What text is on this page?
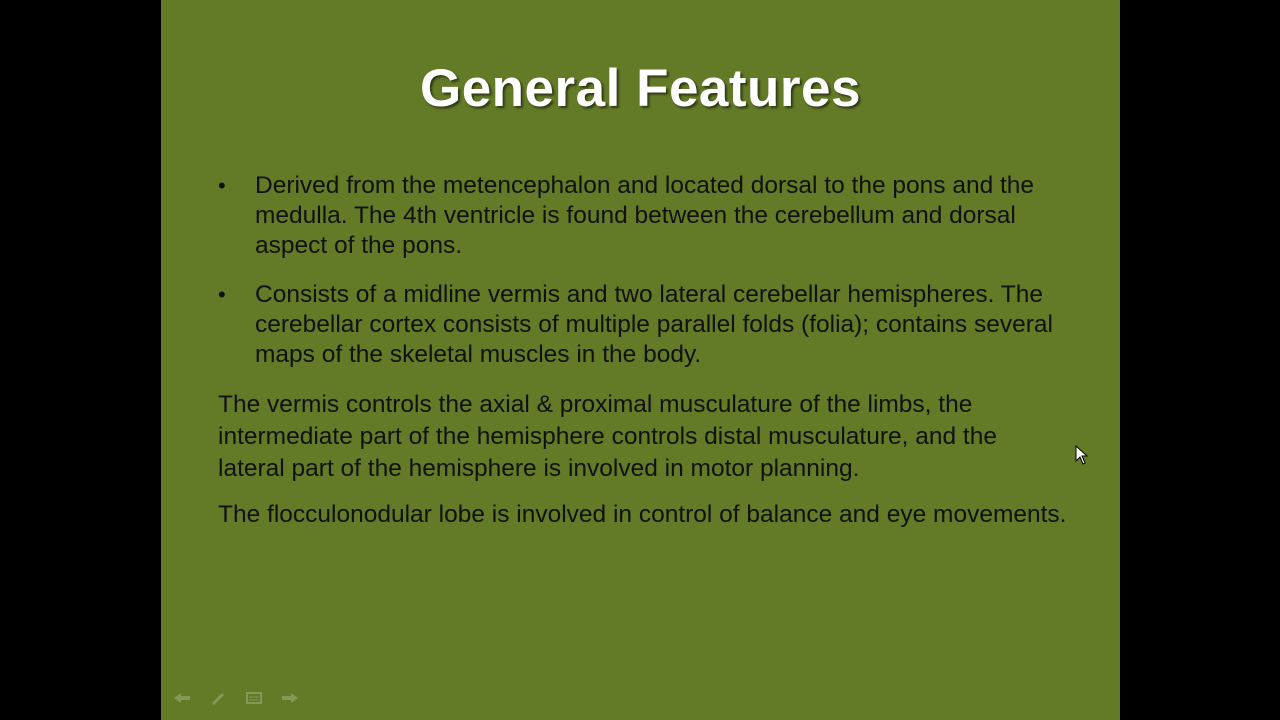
General Features
• Derived from the metencephalon and located dorsal to the pons and the medulla. The 4th ventricle is found between the cerebellum and dorsal aspect of the pons.
• Consists of a midline vermis and two lateral cerebellar hemispheres. The cerebellar cortex consists of multiple parallel folds (folia); contains several maps of the skeletal muscles in the body.

The vermis controls the axial & proximal musculature of the limbs, the intermediate part of the hemisphere controls distal musculature, and the lateral part of the hemisphere is involved in motor planning.

The flocculonodular lobe is involved in control of balance and eye movements.
